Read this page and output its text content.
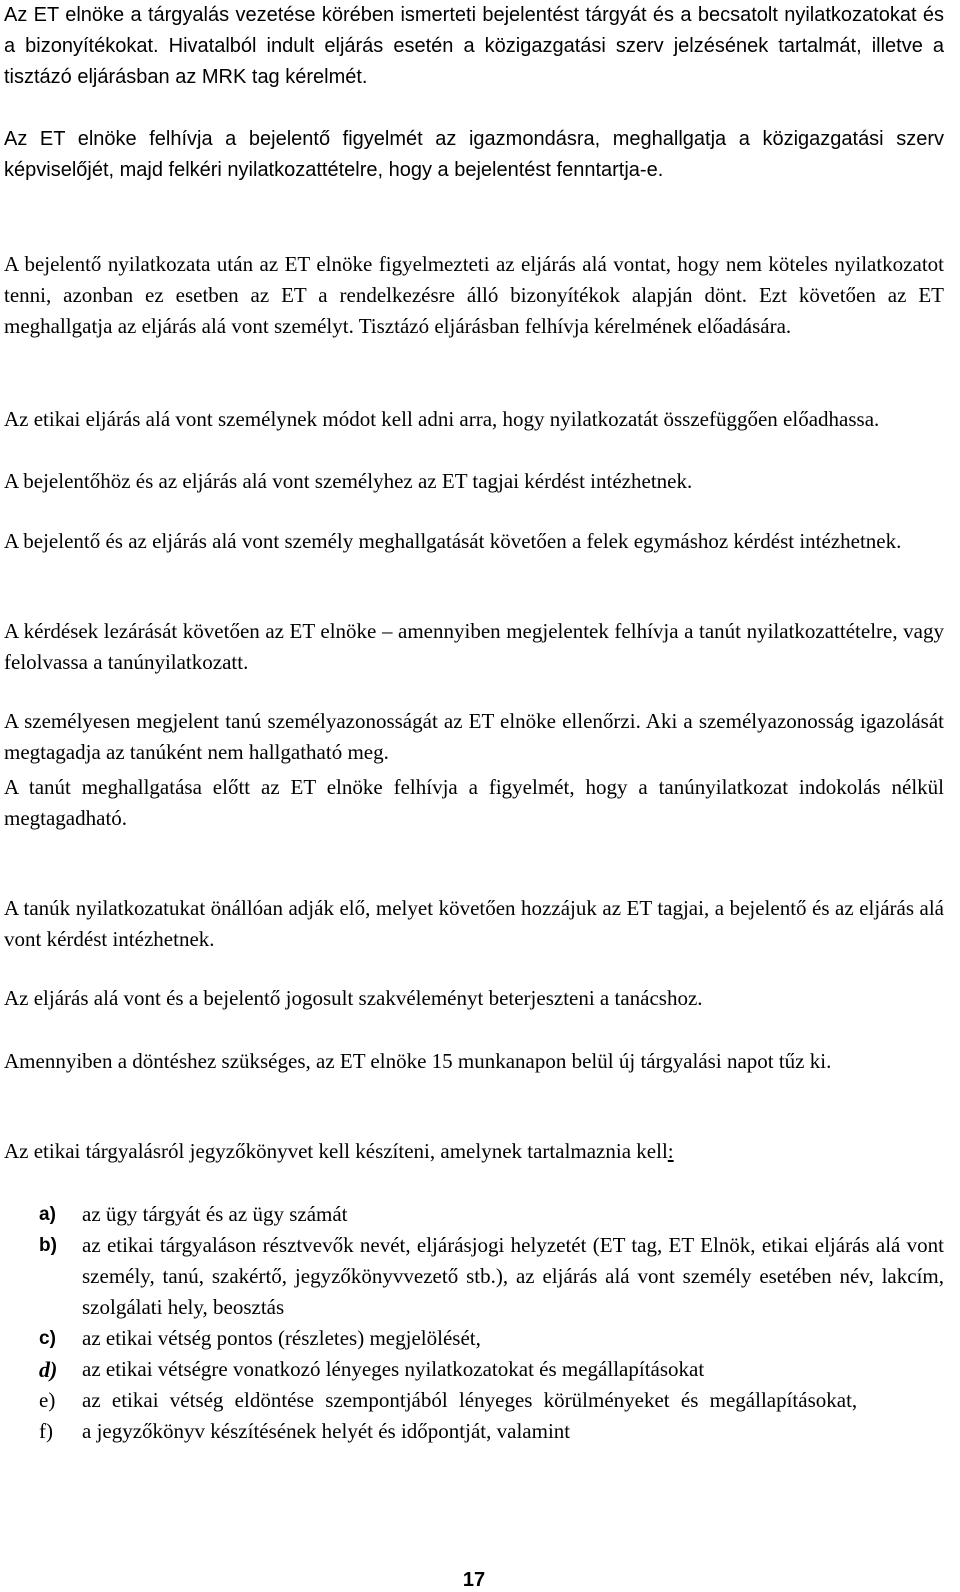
Az ET elnöke a tárgyalás vezetése körében ismerteti bejelentést tárgyát és a becsatolt nyilatkozatokat és a bizonyítékokat. Hivatalból indult eljárás esetén a közigazgatási szerv jelzésének tartalmát, illetve a tisztázó eljárásban az MRK tag kérelmét.

Az ET elnöke felhívja a bejelentő figyelmét az igazmondásra, meghallgatja a közigazgatási szerv képviselőjét, majd felkéri nyilatkozattételre, hogy a bejelentést fenntartja-e.

A bejelentő nyilatkozata után az ET elnöke figyelmezteti az eljárás alá vontat, hogy nem köteles nyilatkozatot tenni, azonban ez esetben az ET a rendelkezésre álló bizonyítékok alapján dönt. Ezt követően az ET meghallgatja az eljárás alá vont személyt. Tisztázó eljárásban felhívja kérelmének előadására.

Az etikai eljárás alá vont személynek módot kell adni arra, hogy nyilatkozatát összefüggően előadhassa.

A bejelentőhöz és az eljárás alá vont személyhez az ET tagjai kérdést intézhetnek.

A bejelentő és az eljárás alá vont személy meghallgatását követően a felek egymáshoz kérdést intézhetnek.

A kérdések lezárását követően az ET elnöke – amennyiben megjelentek felhívja a tanút nyilatkozattételre, vagy felolvassa a tanúnyilatkozatt.

A személyesen megjelent tanú személyazonosságát az ET elnöke ellenőrzi. Aki a személyazonosság igazolását megtagadja az tanúként nem hallgatható meg.

A tanút meghallgatása előtt az ET elnöke felhívja a figyelmét, hogy a tanúnyilatkozat indokolás nélkül megtagadható.

A tanúk nyilatkozatukat önállóan adják elő, melyet követően hozzájuk az ET tagjai, a bejelentő és az eljárás alá vont kérdést intézhetnek.

Az eljárás alá vont és a bejelentő jogosult szakvéleményt beterjeszteni a tanácshoz.

Amennyiben a döntéshez szükséges, az ET elnöke 15 munkanapon belül új tárgyalási napot tűz ki.

Az etikai tárgyalásról jegyzőkönyvet kell készíteni, amelynek tartalmaznia kell:

a) az ügy tárgyát és az ügy számát
b) az etikai tárgyaláson résztvevők nevét, eljárásjogi helyzetét (ET tag, ET Elnök, etikai eljárás alá vont személy, tanú, szakértő, jegyzőkönyvvezető stb.), az eljárás alá vont személy esetében név, lakcím, szolgálati hely, beosztás
c) az etikai vétség pontos (részletes) megjelölését,
d) az etikai vétségre vonatkozó lényeges nyilatkozatokat és megállapításokat
e) az etikai vétség eldöntése szempontjából lényeges körülményeket és megállapításokat,
f) a jegyzőkönyv készítésének helyét és időpontját, valamint
17
